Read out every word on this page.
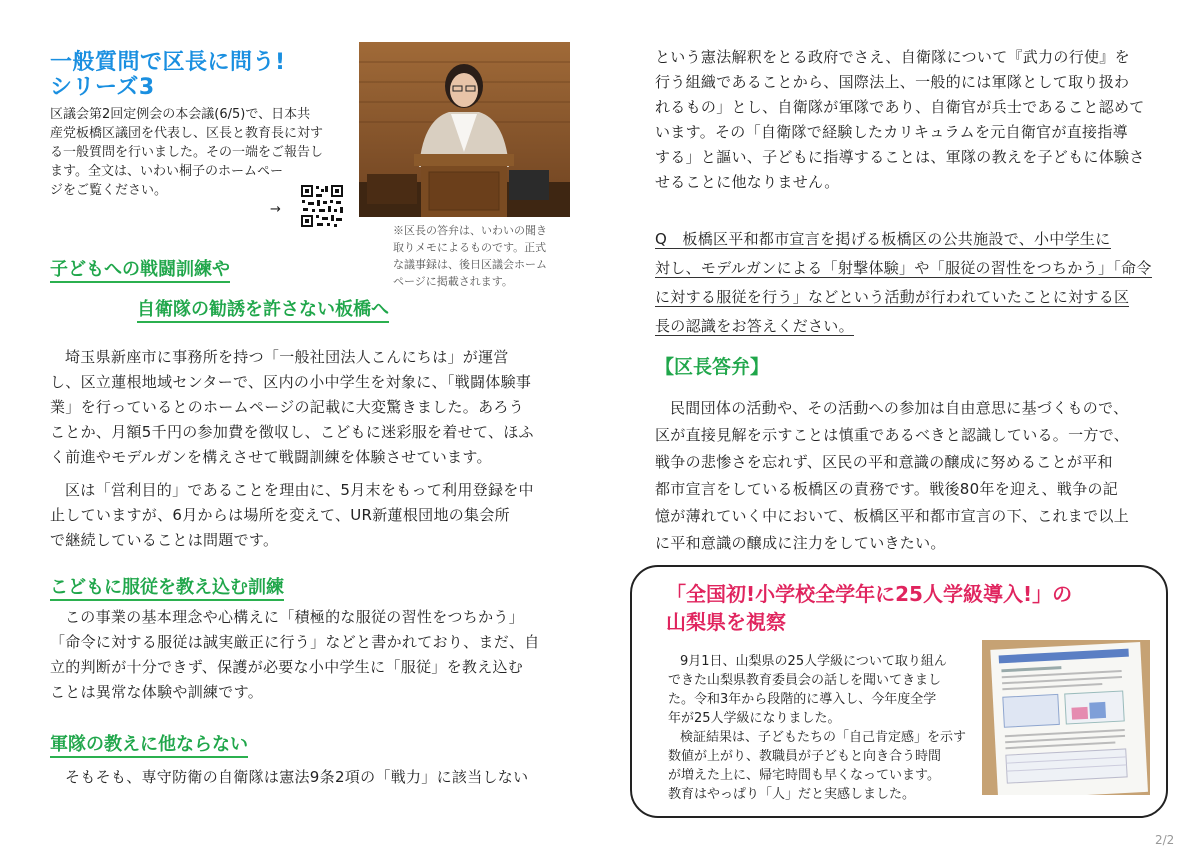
一般質問で区長に問う!
シリーズ3

区議会第2回定例会の本会議(6/5)で、日本共

産党板橋区議団を代表し、区長と教育長に対す

る一般質問を行いました。その一端をご報告し

ます。全文は、いわい桐子のホームペー

ジをご覧ください。

→

※区長の答弁は、いわいの聞き

取りメモによるものです。正式

な議事録は、後日区議会ホーム

ページに掲載されます。

子どもへの戦闘訓練や
自衛隊の勧誘を許さない板橋へ

埼玉県新座市に事務所を持つ「一般社団法人こんにちは」が運営

し、区立蓮根地域センターで、区内の小中学生を対象に、「戦闘体験事

業」を行っているとのホームページの記載に大変驚きました。あろう

ことか、月額5千円の参加費を徴収し、こどもに迷彩服を着せて、ほふ

く前進やモデルガンを構えさせて戦闘訓練を体験させています。

区は「営利目的」であることを理由に、5月末をもって利用登録を中

止していますが、6月からは場所を変えて、UR新蓮根団地の集会所

で継続していることは問題です。

こどもに服従を教え込む訓練

この事業の基本理念や心構えに「積極的な服従の習性をつちかう」

「命令に対する服従は誠実厳正に行う」などと書かれており、まだ、自

立的判断が十分できず、保護が必要な小中学生に「服従」を教え込む

ことは異常な体験や訓練です。

軍隊の教えに他ならない

そもそも、専守防衛の自衛隊は憲法9条2項の「戦力」に該当しない

という憲法解釈をとる政府でさえ、自衛隊について『武力の行使』を

行う組織であることから、国際法上、一般的には軍隊として取り扱わ

れるもの」とし、自衛隊が軍隊であり、自衛官が兵士であること認めて

います。その「自衛隊で経験したカリキュラムを元自衛官が直接指導

する」と謳い、子どもに指導することは、軍隊の教えを子どもに体験さ

せることに他なりません。

Q　板橋区平和都市宣言を掲げる板橋区の公共施設で、小中学生に

対し、モデルガンによる「射撃体験」や「服従の習性をつちかう」「命令

に対する服従を行う」などという活動が行われていたことに対する区

長の認識をお答えください。

【区長答弁】

民間団体の活動や、その活動への参加は自由意思に基づくもので、

区が直接見解を示すことは慎重であるべきと認識している。一方で、

戦争の悲惨さを忘れず、区民の平和意識の醸成に努めることが平和

都市宣言をしている板橋区の責務です。戦後80年を迎え、戦争の記

憶が薄れていく中において、板橋区平和都市宣言の下、これまで以上

に平和意識の醸成に注力をしていきたい。

「全国初!小学校全学年に25人学級導入!」の
山梨県を視察

9月1日、山梨県の25人学級について取り組ん

できた山梨県教育委員会の話しを聞いてきまし

た。令和3年から段階的に導入し、今年度全学

年が25人学級になりました。

検証結果は、子どもたちの「自己肯定感」を示す

数値が上がり、教職員が子どもと向き合う時間

が増えた上に、帰宅時間も早くなっています。

教育はやっぱり「人」だと実感しました。

2/2
